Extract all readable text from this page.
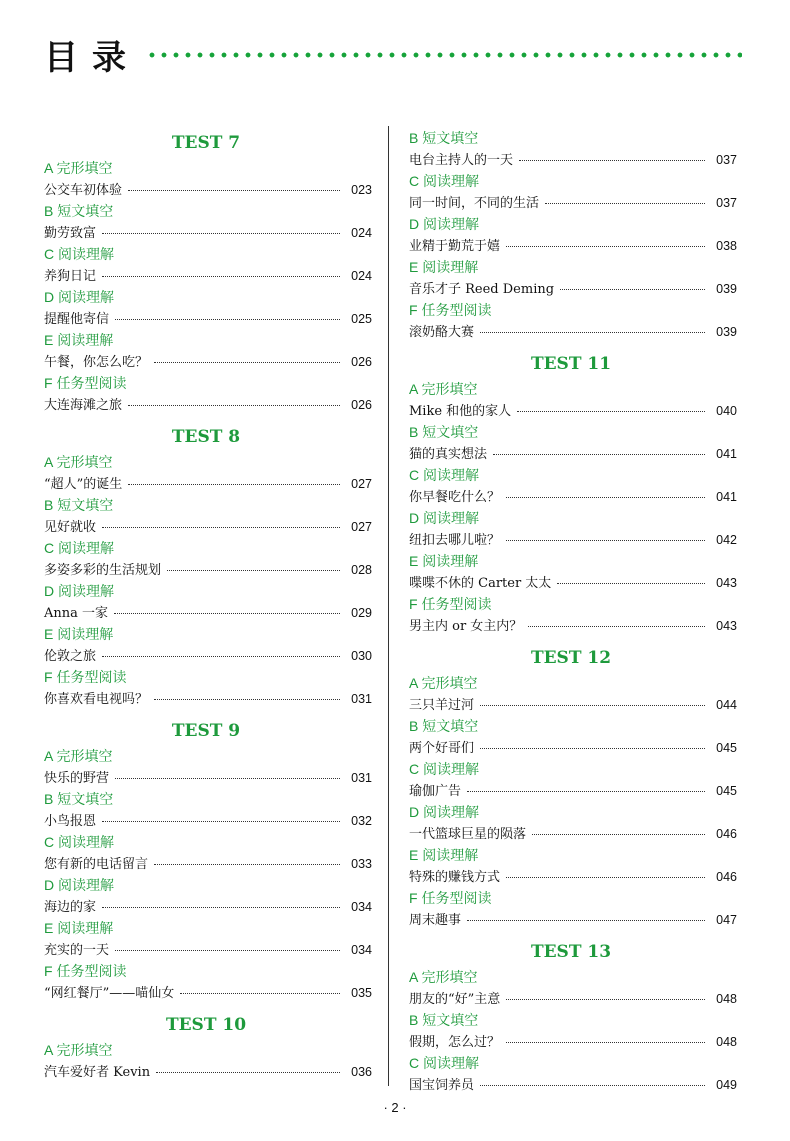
目录
TEST 7
A 完形填空
公交车初体验	023
B 短文填空
勤劳致富	024
C 阅读理解
养狗日记	024
D 阅读理解
提醒他寄信	025
E 阅读理解
午餐，你怎么吃？	026
F 任务型阅读
大连海滩之旅	026
TEST 8
A 完形填空
“超人”的诞生	027
B 短文填空
见好就收	027
C 阅读理解
多姿多彩的生活规划	028
D 阅读理解
Anna 一家	029
E 阅读理解
伦敦之旅	030
F 任务型阅读
你喜欢看电视吗？	031
TEST 9
A 完形填空
快乐的野营	031
B 短文填空
小鸟报恩	032
C 阅读理解
您有新的电话留言	033
D 阅读理解
海边的家	034
E 阅读理解
充实的一天	034
F 任务型阅读
“网红餐厅”——喵仙女	035
TEST 10
A 完形填空
汽车爱好者 Kevin	036
B 短文填空
电台主持人的一天	037
C 阅读理解
同一时间，不同的生活	037
D 阅读理解
业精于勤荒于嬉	038
E 阅读理解
音乐才子 Reed Deming	039
F 任务型阅读
滚奶酪大赛	039
TEST 11
A 完形填空
Mike 和他的家人	040
B 短文填空
猫的真实想法	041
C 阅读理解
你早餐吃什么？	041
D 阅读理解
纽扣去哪儿啦？	042
E 阅读理解
喋喋不休的 Carter 太太	043
F 任务型阅读
男主内 or 女主内？	043
TEST 12
A 完形填空
三只羊过河	044
B 短文填空
两个好哥们	045
C 阅读理解
瑜伽广告	045
D 阅读理解
一代篮球巨星的陨落	046
E 阅读理解
特殊的赚钱方式	046
F 任务型阅读
周末趣事	047
TEST 13
A 完形填空
朋友的“好”主意	048
B 短文填空
假期，怎么过？	048
C 阅读理解
国宝饲养员	049
· 2 ·
